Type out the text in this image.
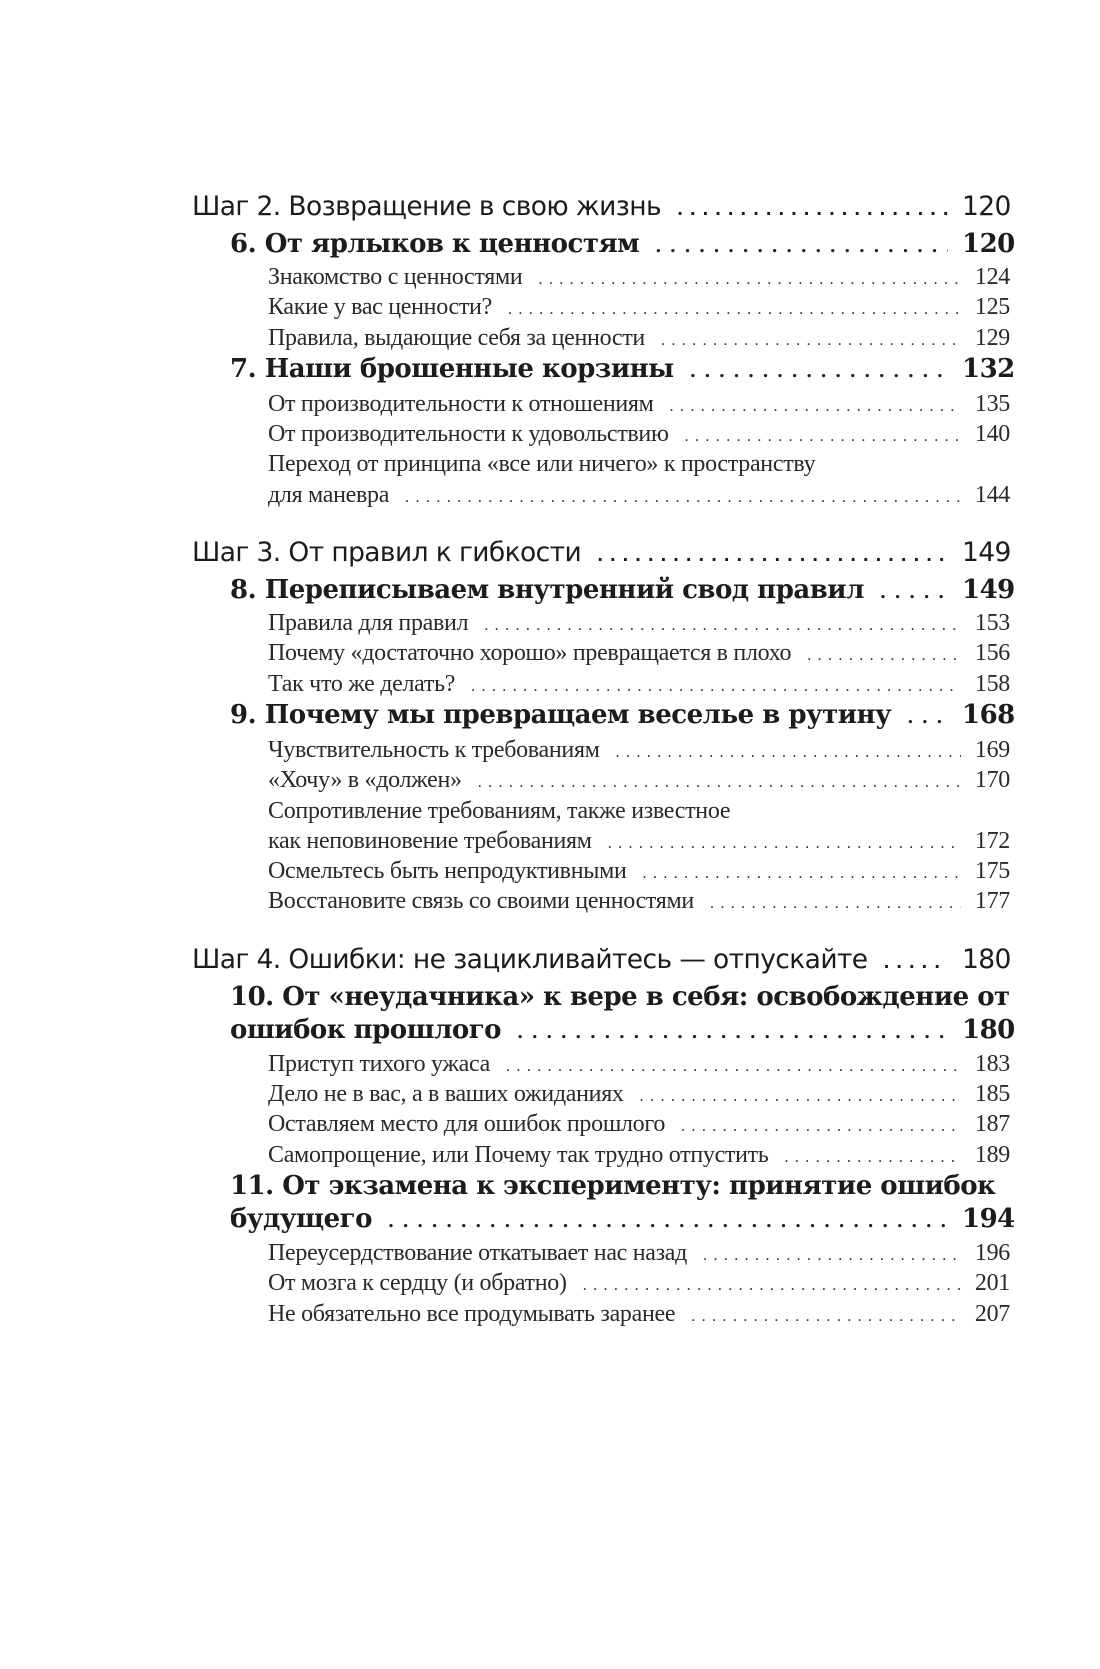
Шаг 2. Возвращение в свою жизнь . . .	120
6. От ярлыков к ценностям . . .	120
Знакомство с ценностями . . .	124
Какие у вас ценности? . . .	125
Правила, выдающие себя за ценности . . .	129
7. Наши брошенные корзины . . .	132
От производительности к отношениям . . .	135
От производительности к удовольствию . . .	140
Переход от принципа «все или ничего» к пространству
для маневра . . .	144
Шаг 3. От правил к гибкости . . .	149
8. Переписываем внутренний свод правил . . .	149
Правила для правил . . .	153
Почему «достаточно хорошо» превращается в плохо . . .	156
Так что же делать? . . .	158
9. Почему мы превращаем веселье в рутину . . .	168
Чувствительность к требованиям . . .	169
«Хочу» в «должен» . . .	170
Сопротивление требованиям, также известное
как неповиновение требованиям . . .	172
Осмельтесь быть непродуктивными . . .	175
Восстановите связь со своими ценностями . . .	177
Шаг 4. Ошибки: не зацикливайтесь — отпускайте . . .	180
10. От «неудачника» к вере в себя: освобождение от
ошибок прошлого . . .	180
Приступ тихого ужаса . . .	183
Дело не в вас, а в ваших ожиданиях . . .	185
Оставляем место для ошибок прошлого . . .	187
Самопрощение, или Почему так трудно отпустить . . .	189
11. От экзамена к эксперименту: принятие ошибок
будущего . . .	194
Переусердствование откатывает нас назад . . .	196
От мозга к сердцу (и обратно) . . .	201
Не обязательно все продумывать заранее . . .	207
